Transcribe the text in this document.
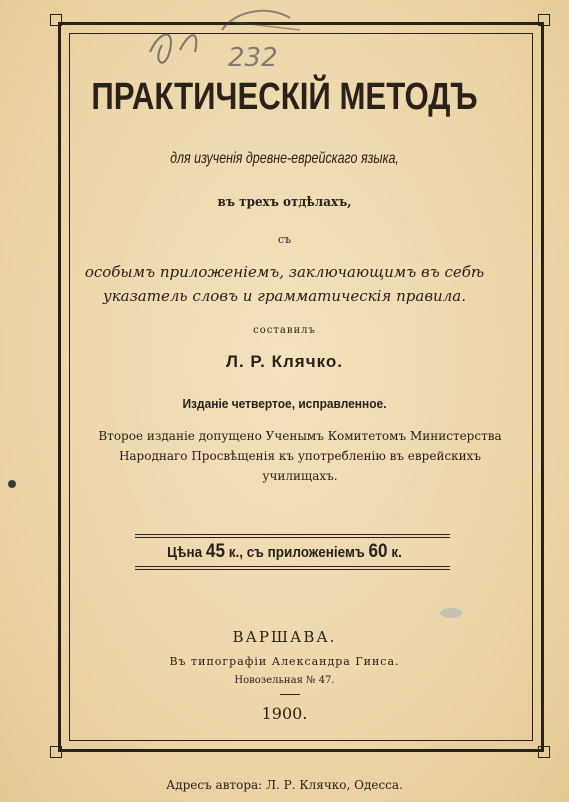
232
ПРАКТИЧЕСКІЙ МЕТОДЪ
для изученія древне-еврейскаго языка,
въ трехъ отдѣлахъ,
съ
особымъ приложеніемъ, заключающимъ въ себѣ
указатель словъ и грамматическія правила.
составилъ
Л. Р. Клячко.
Изданіе четвертое, исправленное.
Второе изданіе допущено Ученымъ Комитетомъ Министерства
Народнаго Просвѣщенія къ употребленію въ еврейскихъ
училищахъ.
Цѣна 45 к., съ приложеніемъ 60 к.
ВАРШАВА.
Въ типографіи Александра Гинса.
Новозельная № 47.
1900.
Адресъ автора: Л. Р. Клячко, Одесса.
